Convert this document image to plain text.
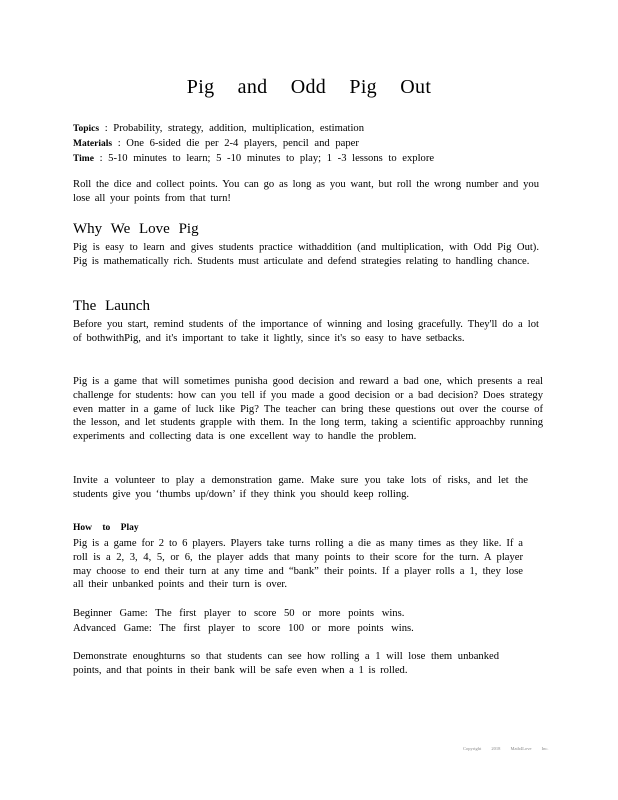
Pig and Odd Pig Out

Topics : Probability, strategy, addition, multiplication, estimation

Materials : One 6-sided die per 2-4 players, pencil and paper

Time : 5-10 minutes to learn; 5 -10 minutes to play; 1 -3 lessons to explore

Roll the dice and collect points. You can go as long as you want, but roll the wrong number and you lose all your points from that turn!
Why We Love Pig
Pig is easy to learn and gives students practice withaddition (and multiplication, with Odd Pig Out). Pig is mathematically rich. Students must articulate and defend strategies relating to handling chance.
The Launch
Before you start, remind students of the importance of winning and losing gracefully. They'll do a lot of bothwithPig, and it's important to take it lightly, since it's so easy to have setbacks.
Pig is a game that will sometimes punisha good decision and reward a bad one, which presents a real challenge for students: how can you tell if you made a good decision or a bad decision? Does strategy even matter in a game of luck like Pig? The teacher can bring these questions out over the course of the lesson, and let students grapple with them. In the long term, taking a scientific approachby running experiments and collecting data is one excellent way to handle the problem.
Invite a volunteer to play a demonstration game. Make sure you take lots of risks, and let the students give you ‘thumbs up/down’ if they think you should keep rolling.
How to Play
Pig is a game for 2 to 6 players. Players take turns rolling a die as many times as they like. If a roll is a 2, 3, 4, 5, or 6, the player adds that many points to their score for the turn. A player may choose to end their turn at any time and “bank” their points. If a player rolls a 1, they lose all their unbanked points and their turn is over.
Beginner Game: The first player to score 50 or more points wins.
Advanced Game: The first player to score 100 or more points wins.
Demonstrate enoughturns so that students can see how rolling a 1 will lose them unbanked points, and that points in their bank will be safe even when a 1 is rolled.
Copyright 2018 Math4Love Inc.
